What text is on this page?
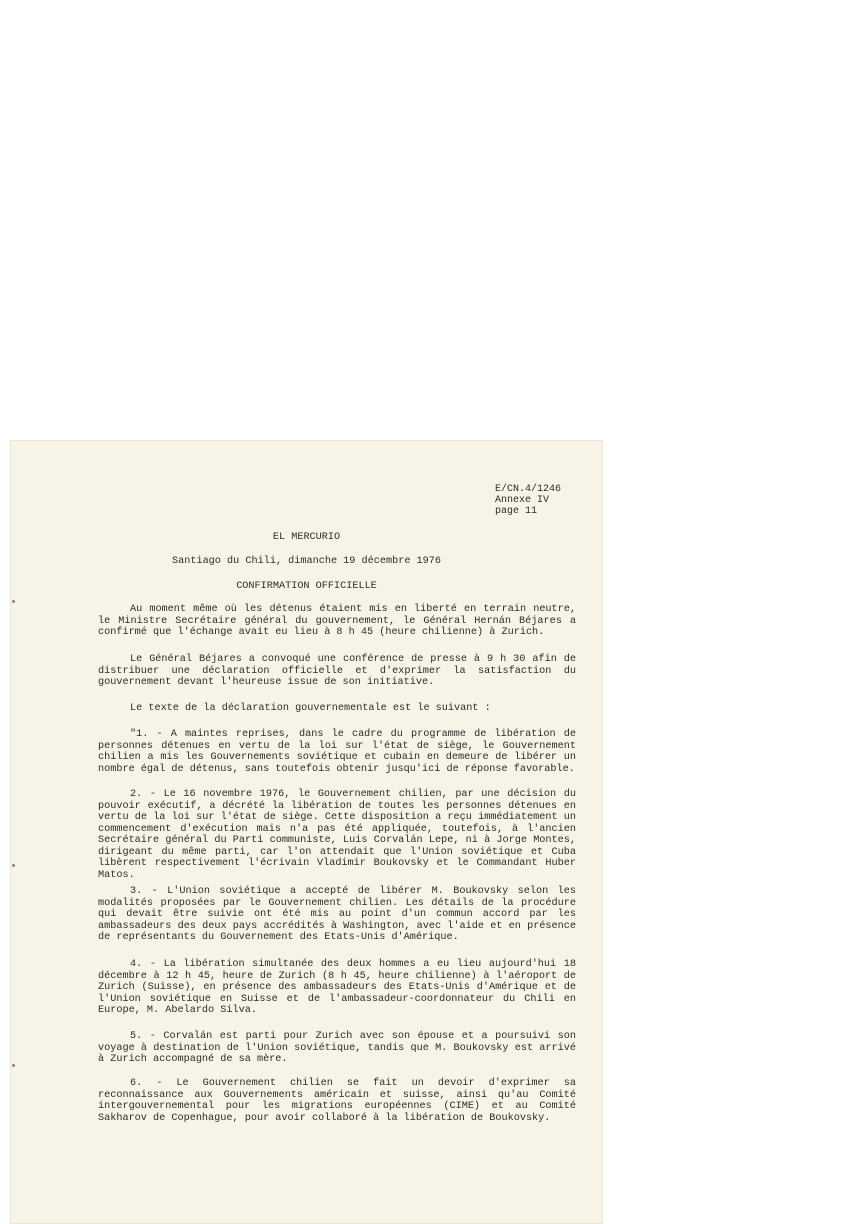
E/CN.4/1246
Annexe IV
page 11
EL MERCURIO
Santiago du Chili, dimanche 19 décembre 1976
CONFIRMATION OFFICIELLE

Au moment même où les détenus étaient mis en liberté en terrain neutre, le Ministre Secrétaire général du gouvernement, le Général Hernán Béjares a confirmé que l'échange avait eu lieu à 8 h 45 (heure chilienne) à Zurich.

Le Général Béjares a convoqué une conférence de presse à 9 h 30 afin de distribuer une déclaration officielle et d'exprimer la satisfaction du gouvernement devant l'heureuse issue de son initiative.

Le texte de la déclaration gouvernementale est le suivant :

"1. - A maintes reprises, dans le cadre du programme de libération de personnes détenues en vertu de la loi sur l'état de siège, le Gouvernement chilien a mis les Gouvernements soviétique et cubain en demeure de libérer un nombre égal de détenus, sans toutefois obtenir jusqu'ici de réponse favorable.

2. - Le 16 novembre 1976, le Gouvernement chilien, par une décision du pouvoir exécutif, a décrété la libération de toutes les personnes détenues en vertu de la loi sur l'état de siège. Cette disposition a reçu immédiatement un commencement d'exécution mais n'a pas été appliquée, toutefois, à l'ancien Secrétaire général du Parti communiste, Luis Corvalán Lepe, ni à Jorge Montes, dirigeant du même parti, car l'on attendait que l'Union soviétique et Cuba libèrent respectivement l'écrivain Vladimir Boukovsky et le Commandant Huber Matos.

3. - L'Union soviétique a accepté de libérer M. Boukovsky selon les modalités proposées par le Gouvernement chilien. Les détails de la procédure qui devait être suivie ont été mis au point d'un commun accord par les ambassadeurs des deux pays accrédités à Washington, avec l'aide et en présence de représentants du Gouvernement des Etats-Unis d'Amérique.

4. - La libération simultanée des deux hommes a eu lieu aujourd'hui 18 décembre à 12 h 45, heure de Zurich (8 h 45, heure chilienne) à l'aéroport de Zurich (Suisse), en présence des ambassadeurs des Etats-Unis d'Amérique et de l'Union soviétique en Suisse et de l'ambassadeur-coordonnateur du Chili en Europe, M. Abelardo Silva.

5. - Corvalán est parti pour Zurich avec son épouse et a poursuivi son voyage à destination de l'Union soviétique, tandis que M. Boukovsky est arrivé à Zurich accompagné de sa mère.

6. - Le Gouvernement chilien se fait un devoir d'exprimer sa reconnaissance aux Gouvernements américain et suisse, ainsi qu'au Comité intergouvernemental pour les migrations européennes (CIME) et au Comité Sakharov de Copenhague, pour avoir collaboré à la libération de Boukovsky.
